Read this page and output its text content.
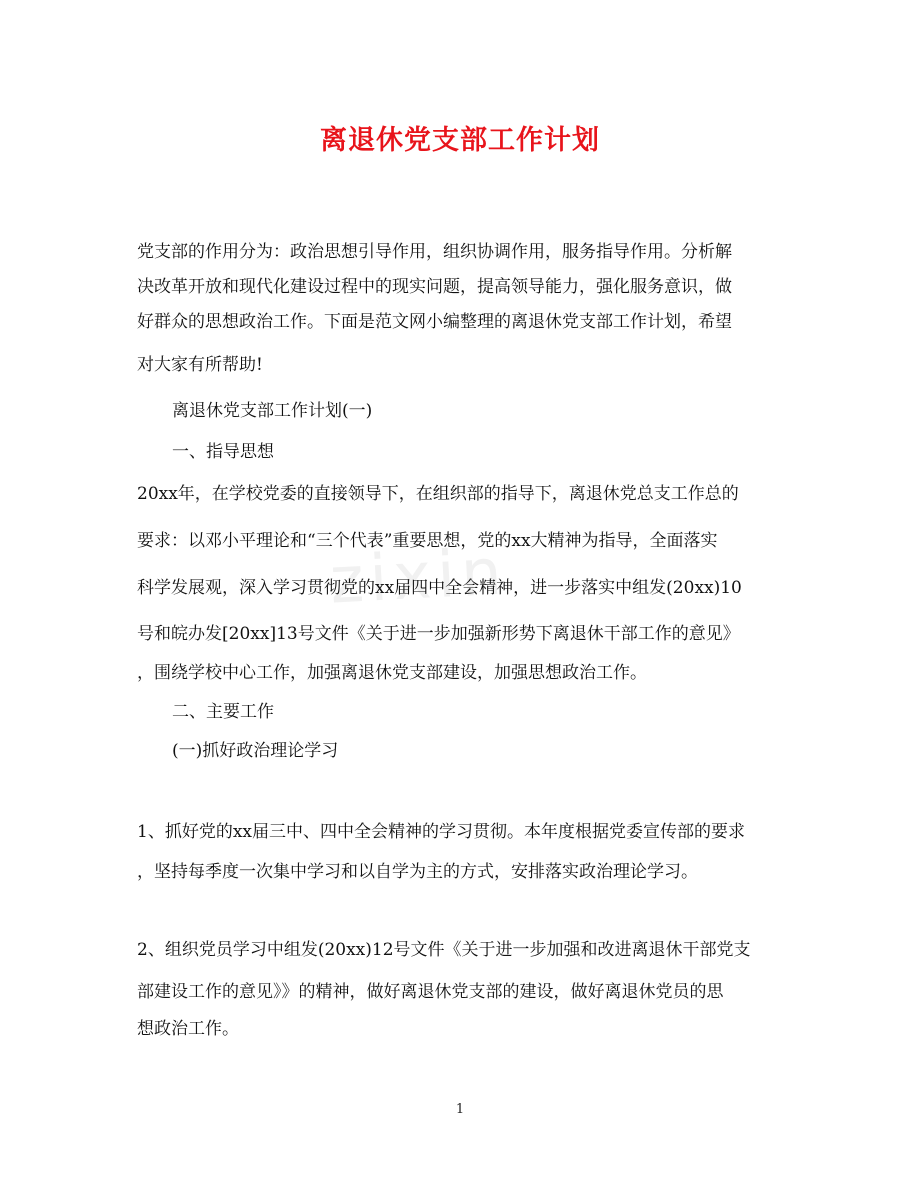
zixin
离退休党支部工作计划
党支部的作用分为：政治思想引导作用，组织协调作用，服务指导作用。分析解
决改革开放和现代化建设过程中的现实问题，提高领导能力，强化服务意识，做
好群众的思想政治工作。下面是范文网小编整理的离退休党支部工作计划，希望
对大家有所帮助!
离退休党支部工作计划(一)
一、指导思想
20xx年，在学校党委的直接领导下，在组织部的指导下，离退休党总支工作总的
要求：以邓小平理论和“三个代表”重要思想，党的xx大精神为指导，全面落实
科学发展观，深入学习贯彻党的xx届四中全会精神，进一步落实中组发(20xx)10
号和皖办发[20xx]13号文件《关于进一步加强新形势下离退休干部工作的意见》
，围绕学校中心工作，加强离退休党支部建设，加强思想政治工作。
二、主要工作
(一)抓好政治理论学习
1、抓好党的xx届三中、四中全会精神的学习贯彻。本年度根据党委宣传部的要求
，坚持每季度一次集中学习和以自学为主的方式，安排落实政治理论学习。
2、组织党员学习中组发(20xx)12号文件《关于进一步加强和改进离退休干部党支
部建设工作的意见》》的精神，做好离退休党支部的建设，做好离退休党员的思
想政治工作。
1
